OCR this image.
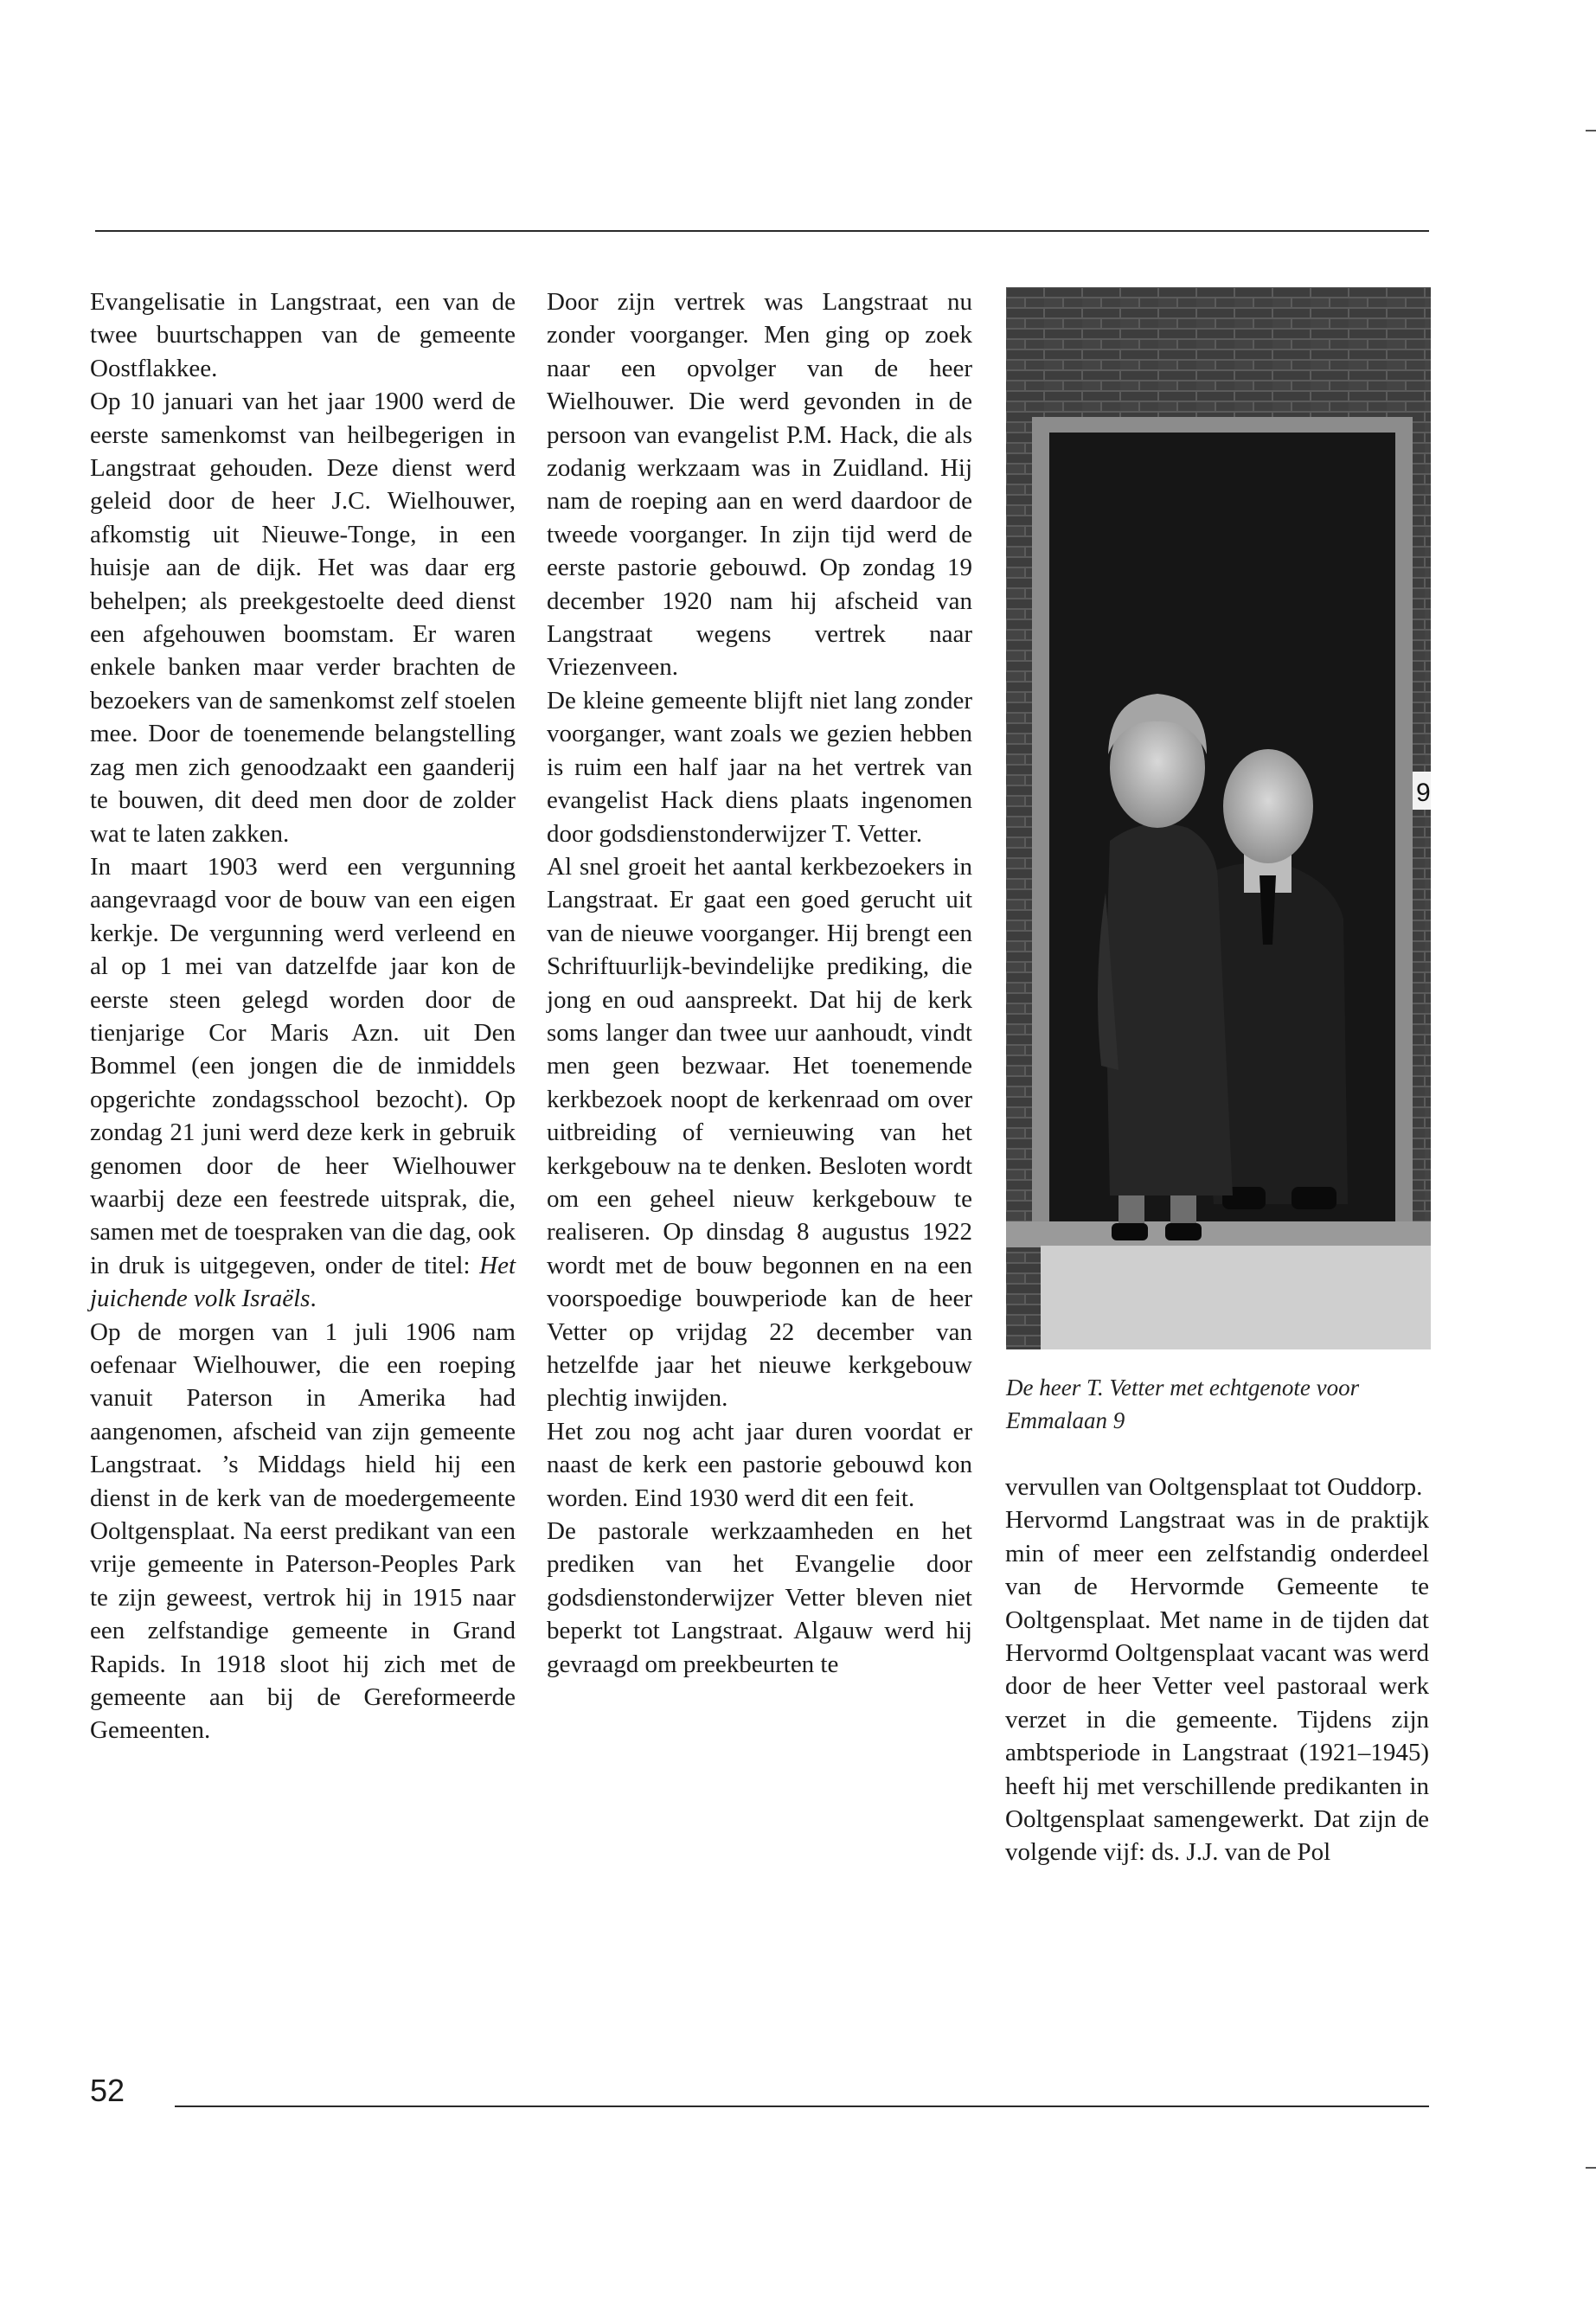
Evangelisatie in Langstraat, een van de twee buurtschappen van de gemeente Oostflakkee.

Op 10 januari van het jaar 1900 werd de eerste samenkomst van heilbegerigen in Langstraat gehouden. Deze dienst werd geleid door de heer J.C. Wielhouwer, afkomstig uit Nieuwe-Tonge, in een huisje aan de dijk. Het was daar erg behelpen; als preekgestoelte deed dienst een afgehouwen boomstam. Er waren enkele banken maar verder brachten de bezoekers van de samenkomst zelf stoelen mee. Door de toenemende belangstelling zag men zich genoodzaakt een gaanderij te bouwen, dit deed men door de zolder wat te laten zakken.

In maart 1903 werd een vergunning aangevraagd voor de bouw van een eigen kerkje. De vergunning werd verleend en al op 1 mei van datzelfde jaar kon de eerste steen gelegd worden door de tienjarige Cor Maris Azn. uit Den Bommel (een jongen die de inmiddels opgerichte zondagsschool bezocht). Op zondag 21 juni werd deze kerk in gebruik genomen door de heer Wielhouwer waarbij deze een feestrede uitsprak, die, samen met de toespraken van die dag, ook in druk is uitgegeven, onder de titel: Het juichende volk Israëls.

Op de morgen van 1 juli 1906 nam oefenaar Wielhouwer, die een roeping vanuit Paterson in Amerika had aangenomen, afscheid van zijn gemeente Langstraat. ’s Middags hield hij een dienst in de kerk van de moedergemeente Ooltgensplaat. Na eerst predikant van een vrije gemeente in Paterson-Peoples Park te zijn geweest, vertrok hij in 1915 naar een zelfstandige gemeente in Grand Rapids. In 1918 sloot hij zich met de gemeente aan bij de Gereformeerde Gemeenten.

Door zijn vertrek was Langstraat nu zonder voorganger. Men ging op zoek naar een opvolger van de heer Wielhouwer. Die werd gevonden in de persoon van evangelist P.M. Hack, die als zodanig werkzaam was in Zuidland. Hij nam de roeping aan en werd daardoor de tweede voorganger. In zijn tijd werd de eerste pastorie gebouwd. Op zondag 19 december 1920 nam hij afscheid van Langstraat wegens vertrek naar Vriezenveen.

De kleine gemeente blijft niet lang zonder voorganger, want zoals we gezien hebben is ruim een half jaar na het vertrek van evangelist Hack diens plaats ingenomen door godsdienstonderwijzer T. Vetter.

Al snel groeit het aantal kerkbezoekers in Langstraat. Er gaat een goed gerucht uit van de nieuwe voorganger. Hij brengt een Schriftuurlijk-bevindelijke prediking, die jong en oud aanspreekt. Dat hij de kerk soms langer dan twee uur aanhoudt, vindt men geen bezwaar. Het toenemende kerkbezoek noopt de kerkenraad om over uitbreiding of vernieuwing van het kerkgebouw na te denken. Besloten wordt om een geheel nieuw kerkgebouw te realiseren. Op dinsdag 8 augustus 1922 wordt met de bouw begonnen en na een voorspoedige bouwperiode kan de heer Vetter op vrijdag 22 december van hetzelfde jaar het nieuwe kerkgebouw plechtig inwijden.

Het zou nog acht jaar duren voordat er naast de kerk een pastorie gebouwd kon worden. Eind 1930 werd dit een feit.

De pastorale werkzaamheden en het prediken van het Evangelie door godsdienstonderwijzer Vetter bleven niet beperkt tot Langstraat. Algauw werd hij gevraagd om preekbeurten te

9
De heer T. Vetter met echtgenote voor Emmalaan 9

vervullen van Ooltgensplaat tot Ouddorp.

Hervormd Langstraat was in de praktijk min of meer een zelfstandig onderdeel van de Hervormde Gemeente te Ooltgensplaat. Met name in de tijden dat Hervormd Ooltgensplaat vacant was werd door de heer Vetter veel pastoraal werk verzet in die gemeente. Tijdens zijn ambtsperiode in Langstraat (1921–1945) heeft hij met verschillende predikanten in Ooltgensplaat samengewerkt. Dat zijn de volgende vijf: ds. J.J. van de Pol

52
